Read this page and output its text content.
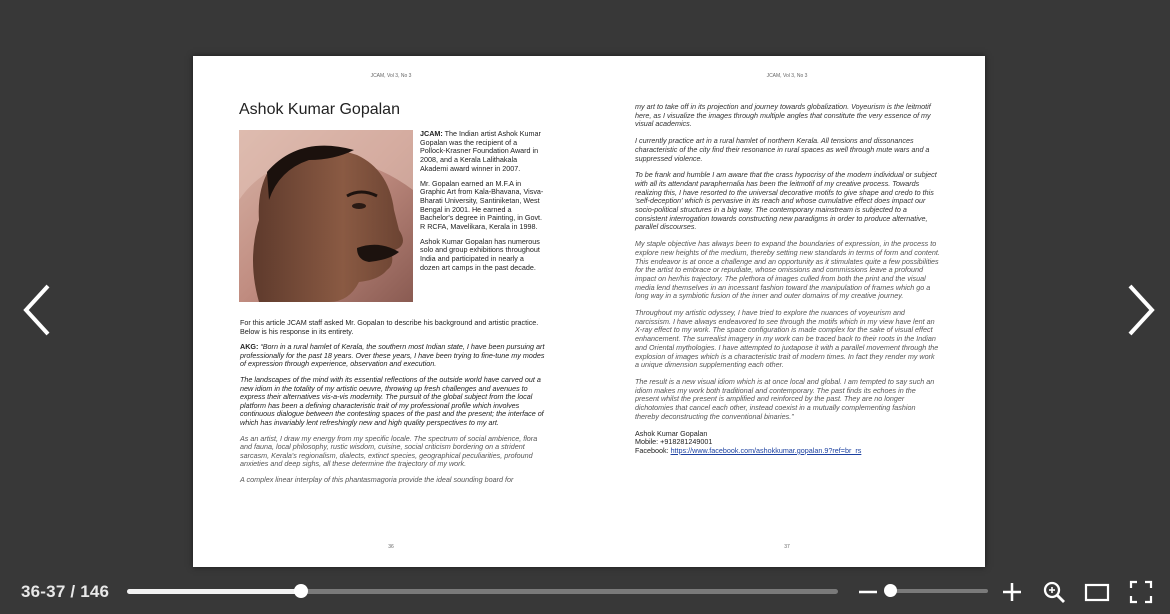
JCAM, Vol 3, No 3
Ashok Kumar Gopalan

JCAM: The Indian artist Ashok Kumar Gopalan was the recipient of a Pollock-Krasner Foundation Award in 2008, and a Kerala Lalithakala Akademi award winner in 2007.

Mr. Gopalan earned an M.F.A in Graphic Art from Kala-Bhavana, Visva-Bharati University, Santiniketan, West Bengal in 2001. He earned a Bachelor's degree in Painting, in Govt. R RCFA, Mavelikara, Kerala in 1998.

Ashok Kumar Gopalan has numerous solo and group exhibitions throughout India and participated in nearly a dozen art camps in the past decade.

For this article JCAM staff asked Mr. Gopalan to describe his background and artistic practice. Below is his response in its entirety.

AKG: “Born in a rural hamlet of Kerala, the southern most Indian state, I have been pursuing art professionally for the past 18 years. Over these years, I have been trying to fine-tune my modes of expression through experience, observation and execution.

The landscapes of the mind with its essential reflections of the outside world have carved out a new idiom in the totality of my artistic oeuvre, throwing up fresh challenges and avenues to express their alternatives vis-a-vis modernity. The pursuit of the global subject from the local platform has been a defining characteristic trait of my professional profile which involves continuous dialogue between the contesting spaces of the past and the present; the interface of which has invariably lent refreshingly new and high quality perspectives to my art.

As an artist, I draw my energy from my specific locale. The spectrum of social ambience, flora and fauna, local philosophy, rustic wisdom, cuisine, social criticism bordering on a strident sarcasm, Kerala's regionalism, dialects, extinct species, geographical peculiarities, profound anxieties and deep sighs, all these determine the trajectory of my work.

A complex linear interplay of this phantasmagoria provide the ideal sounding board for

36
JCAM, Vol 3, No 3

my art to take off in its projection and journey towards globalization. Voyeurism is the leitmotif here, as I visualize the images through multiple angles that constitute the very essence of my visual academics.

I currently practice art in a rural hamlet of northern Kerala. All tensions and dissonances characteristic of the city find their resonance in rural spaces as well through mute wars and a suppressed violence.

To be frank and humble I am aware that the crass hypocrisy of the modern individual or subject with all its attendant paraphernalia has been the leitmotif of my creative process. Towards realizing this, I have resorted to the universal decorative motifs to give shape and credo to this 'self-deception' which is pervasive in its reach and whose cumulative effect does impact our socio-political structures in a big way. The contemporary mainstream is subjected to a consistent interrogation towards constructing new paradigms in order to produce alternative, parallel discourses.

My staple objective has always been to expand the boundaries of expression, in the process to explore new heights of the medium, thereby setting new standards in terms of form and content. This endeavor is at once a challenge and an opportunity as it stimulates quite a few possibilities for the artist to embrace or repudiate, whose omissions and commissions leave a profound impact on her/his trajectory. The plethora of images culled from both the print and the visual media lend themselves in an incessant fashion toward the manipulation of frames which go a long way in a symbiotic fusion of the inner and outer domains of my creative journey.

Throughout my artistic odyssey, I have tried to explore the nuances of voyeurism and narcissism. I have always endeavored to see through the motifs which in my view have lent an X-ray effect to my work. The space configuration is made complex for the sake of visual effect enhancement. The surrealist imagery in my work can be traced back to their roots in the Indian and Oriental mythologies. I have attempted to juxtapose it with a parallel movement through the explosion of images which is a characteristic trait of modern times. In fact they render my work a unique dimension supplementing each other.

The result is a new visual idiom which is at once local and global. I am tempted to say such an idiom makes my work both traditional and contemporary. The past finds its echoes in the present whilst the present is amplified and reinforced by the past. They are no longer dichotomies that cancel each other, instead coexist in a mutually complementing fashion thereby deconstructing the conventional binaries.”

Ashok Kumar Gopalan

Mobile: +918281249001

Facebook: https://www.facebook.com/ashokkumar.gopalan.9?ref=br_rs

37
36-37 / 146
